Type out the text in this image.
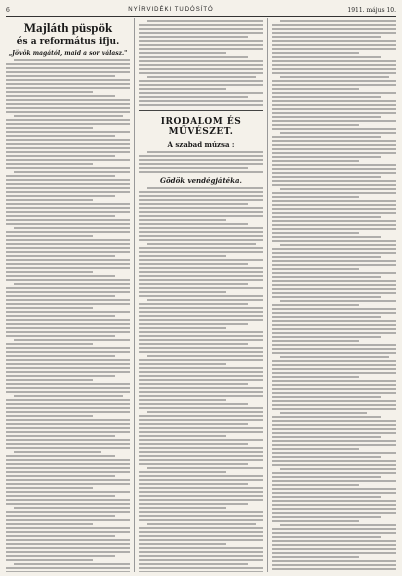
6	NYÍRVIDÉKI TUDÓSÍTÓ	1911. május 10.
Majláth püspök
és a református ifju.
„Jövök magától, maid a sor válasz."
IRODALOM ÉS MŰVÉSZET.
A szabad múzsa :
Gödök vendégjátéka.
